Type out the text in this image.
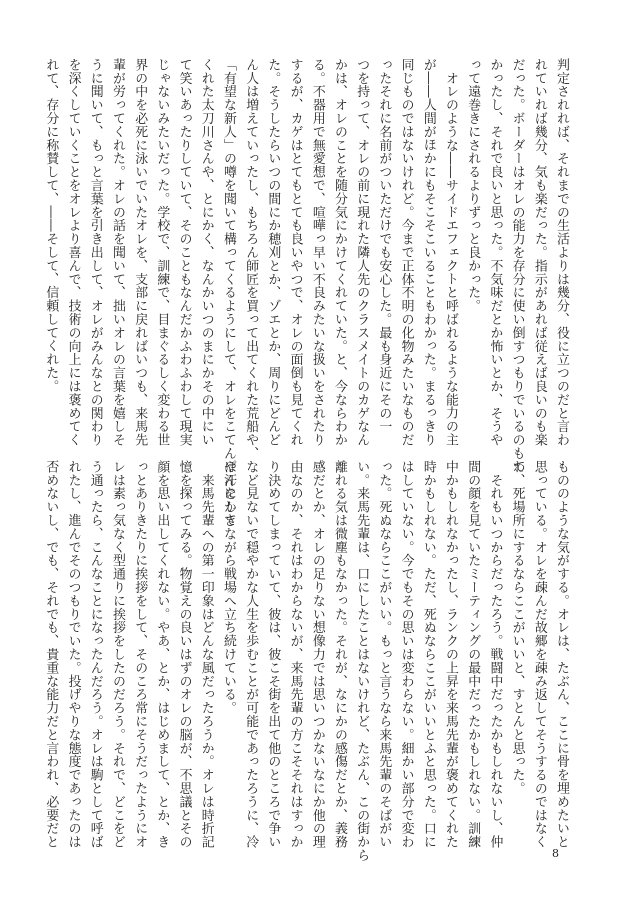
判定されれば、それまでの生活よりは幾分、役に立つのだと言わ

れていれば幾分、気も楽だった。指示があれば従えば良いのも楽

だった。ボーダーはオレの能力を存分に使い倒すつもりでいるのもわ

かったし、それで良いと思った。不気味だとか怖いとか、そうや

って遠巻きにされるよりずっと良かった。

　オレのような――サイドエフェクトと呼ばれるような能力の主

が――人間がほかにもそこそこいることもわかった。まるっきり

同じものではないけれど。今まで正体不明の化物みたいなものだ

ったそれに名前がついただけでも安心した。最も身近にその一

つを持って、オレの前に現れた隣人先のクラスメイトのカゲなん

かは、オレのことを随分気にかけてくれていた。と、今ならわか

る。不器用で無愛想で、喧嘩っ早い不良みたいな扱いをされたり

するが、カゲはとてもとても良いやつで、オレの面倒も見てくれ

た。そうしたらいつの間にか穂刈とか、ゾエとか、周りにどんど

ん人は増えていったし、もちろん師匠を買って出てくれた荒船や、

「有望な新人」の噂を聞いて構ってくるようにして、オレをこてんぱんにして

くれた太刀川さんや、とにかく、なんかいつのまにかその中にい

て笑いあったりしていて、そのこともなんだかふわふわして現実

じゃないみたいだった。学校で、訓練で、目まぐるしく変わる世

界の中を必死に泳いでいたオレを、支部に戻ればいつも、来馬先

輩が労ってくれた。オレの話を聞いて、拙いオレの言葉を嬉しそ

うに聞いて、もっと言葉を引き出して、オレがみんなとの関わり

を深くしていくことをオレより喜んで、技術の向上には褒めてく

れて、存分に称賛して、――そして、信頼してくれた。

もののような気がする。オレは、たぶん、ここに骨を埋めたいと

思っている。オレを疎んだ故郷を疎み返してそうするのではなく

て、死場所にするならここがいいと、すとんと思った。

　それもいつからだったろう。戦闘中だったかもしれないし、仲

間の顔を見ていたミーティングの最中だったかもしれない。訓練

中かもしれなかったし、ランクの上昇を来馬先輩が褒めてくれた

時かもしれない。ただ、死ぬならここがいいとふと思った。口に

はしていない。今でもその思いは変わらない。細かい部分で変わ

った。死ぬならここがいい。もっと言うなら来馬先輩のそばがい

い。来馬先輩は、口にしたことはないけれど、たぶん、この街から

離れる気は微塵もなかった。それが、なにかの感傷だとか、義務

感だとか、オレの足りない想像力では思いつかないなにか他の理

由なのか、それはわからないが、来馬先輩の方こそそれはすっか

り決めてしまっていて、彼は、彼こそ街を出て他のところで争い

など見ないで穏やかな人生を歩むことが可能であったろうに、冷

や汗をかきながら戦場へ立ち続けている。

　来馬先輩への第一印象はどんな風だったろうか。オレは時折記

憶を探ってみる。物覚えの良いはずのオレの脳が、不思議とその

顔を思い出してくれない。やあ、とか、はじめまして、とか、き

っとありきたりに挨拶をして、そのころ常にそうだったようにオ

レは素っ気なく型通りに挨拶をしたのだろう。それで、どこをど

う通ったら、こんなことになったんだろう。オレは駒として呼ば

れたし、進んでそのつもりでいた。投げやりな態度であったのは

否めないし、でも、それでも、貴重な能力だと言われ、必要だと

8
